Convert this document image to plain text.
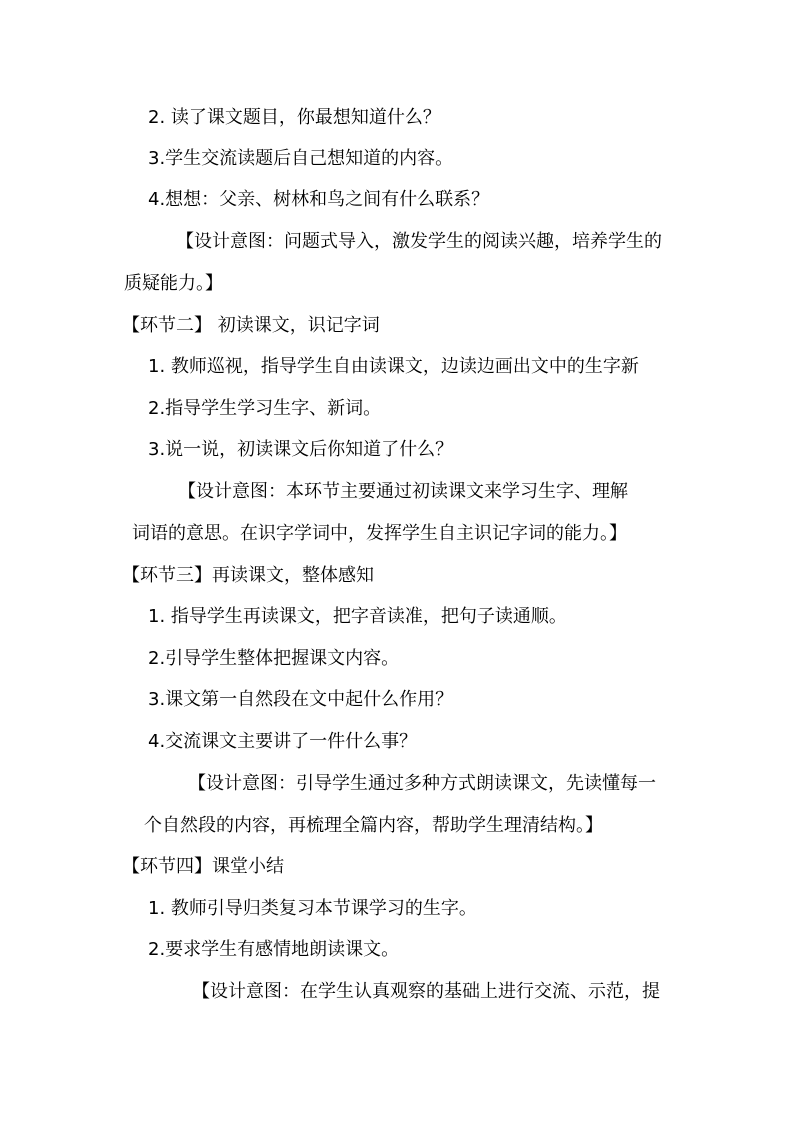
2. 读了课文题目，你最想知道什么？
3.学生交流读题后自己想知道的内容。
4.想想：父亲、树林和鸟之间有什么联系？
【设计意图：问题式导入，激发学生的阅读兴趣，培养学生的
质疑能力。】
【环节二】 初读课文，识记字词
1. 教师巡视，指导学生自由读课文，边读边画出文中的生字新
2.指导学生学习生字、新词。
3.说一说，初读课文后你知道了什么？
【设计意图：本环节主要通过初读课文来学习生字、理解
词语的意思。在识字学词中，发挥学生自主识记字词的能力。】
【环节三】再读课文，整体感知
1. 指导学生再读课文，把字音读准，把句子读通顺。
2.引导学生整体把握课文内容。
3.课文第一自然段在文中起什么作用？
4.交流课文主要讲了一件什么事？
【设计意图：引导学生通过多种方式朗读课文，先读懂每一
个自然段的内容，再梳理全篇内容，帮助学生理清结构。】
【环节四】课堂小结
1. 教师引导归类复习本节课学习的生字。
2.要求学生有感情地朗读课文。
【设计意图：在学生认真观察的基础上进行交流、示范，提
